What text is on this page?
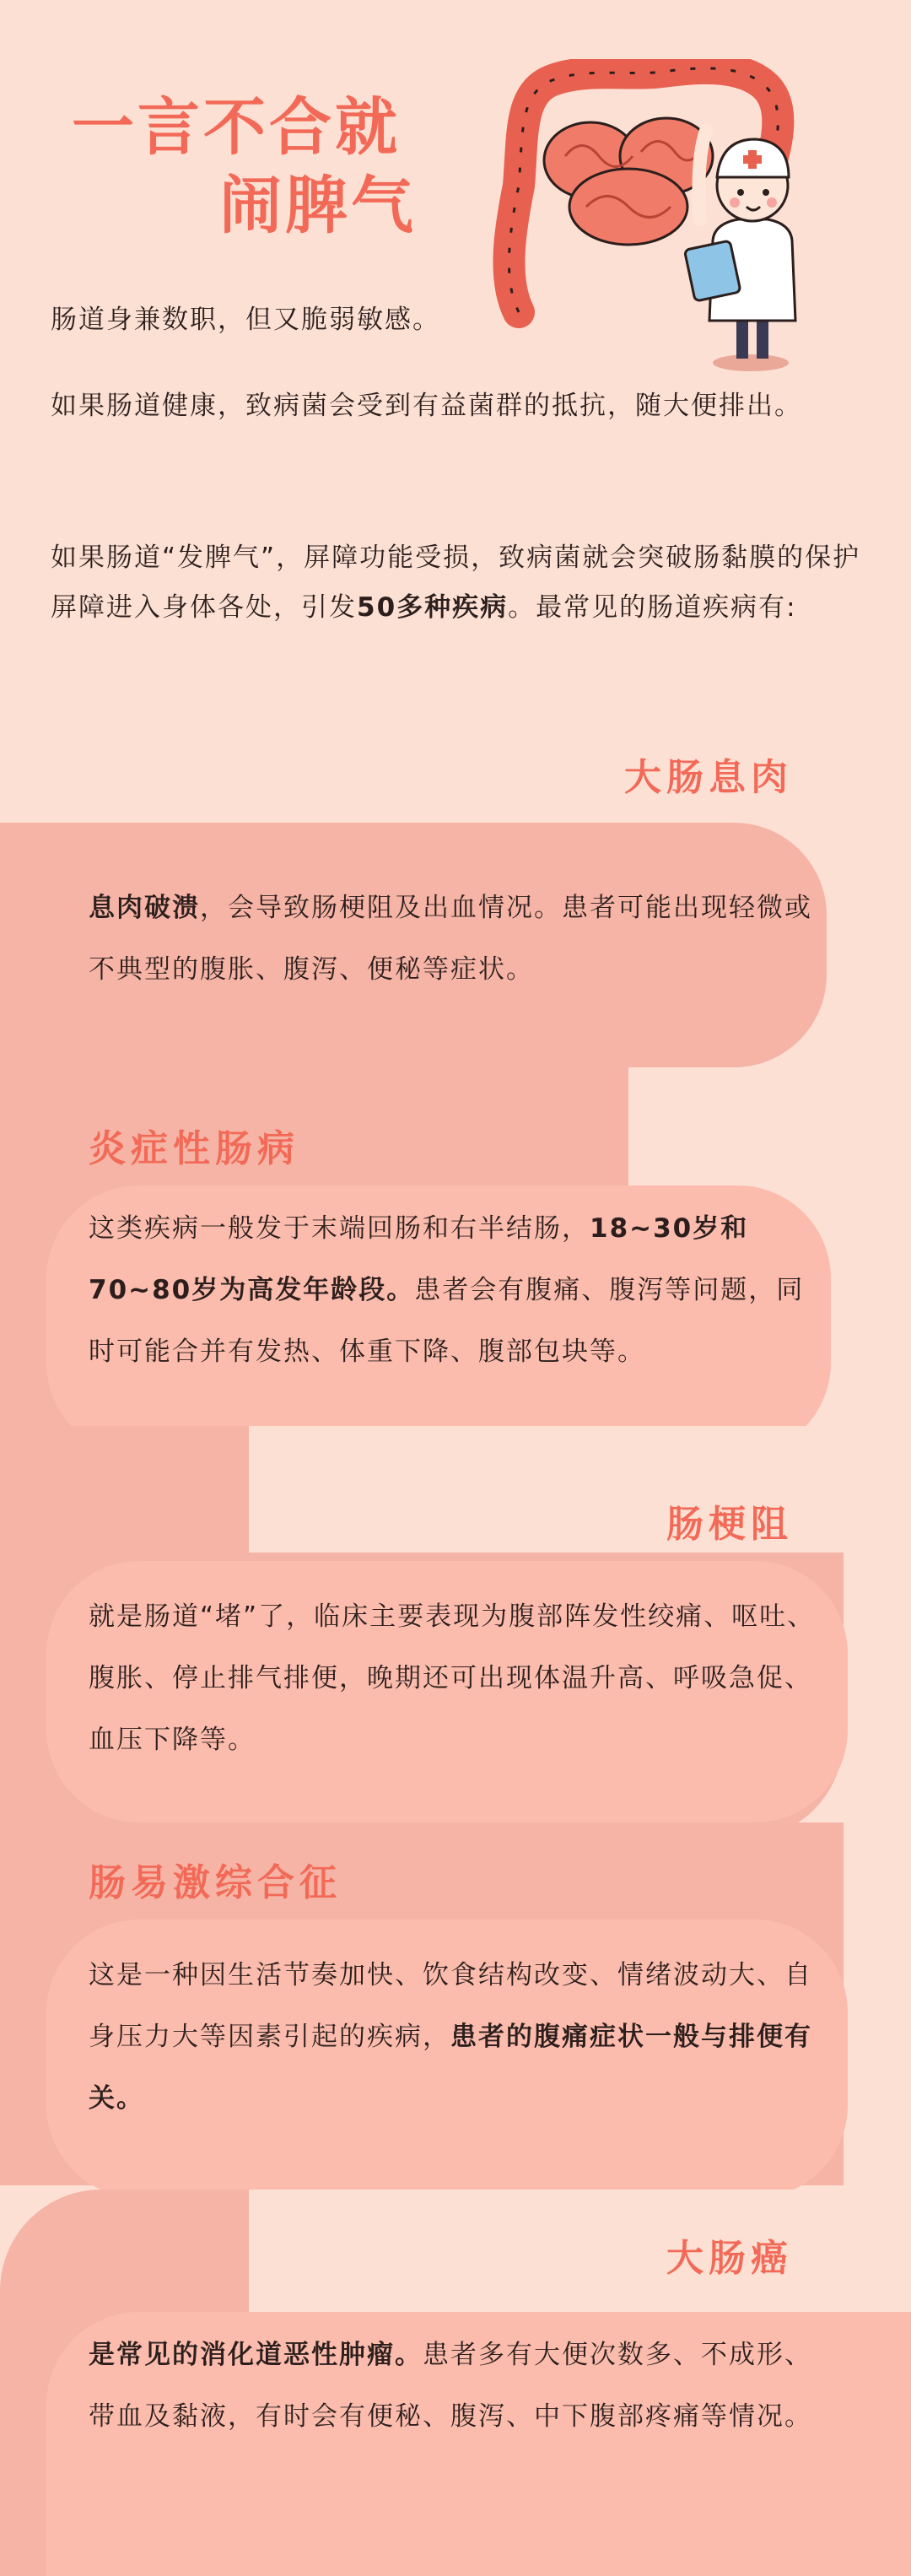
一言不合就
闹脾气

肠道身兼数职，但又脆弱敏感。

如果肠道健康，致病菌会受到有益菌群的抵抗，随大便排出。

如果肠道“发脾气”，屏障功能受损，致病菌就会突破肠黏膜的保护屏障进入身体各处，引发50多种疾病。最常见的肠道疾病有:

大肠息肉

息肉破溃，会导致肠梗阻及出血情况。患者可能出现轻微或不典型的腹胀、腹泻、便秘等症状。

炎症性肠病

这类疾病一般发于末端回肠和右半结肠，18~30岁和70~80岁为高发年龄段。患者会有腹痛、腹泻等问题，同时可能合并有发热、体重下降、腹部包块等。

肠梗阻

就是肠道“堵”了，临床主要表现为腹部阵发性绞痛、呕吐、腹胀、停止排气排便，晚期还可出现体温升高、呼吸急促、血压下降等。

肠易激综合征

这是一种因生活节奏加快、饮食结构改变、情绪波动大、自身压力大等因素引起的疾病，患者的腹痛症状一般与排便有关。

大肠癌

是常见的消化道恶性肿瘤。患者多有大便次数多、不成形、带血及黏液，有时会有便秘、腹泻、中下腹部疼痛等情况。
